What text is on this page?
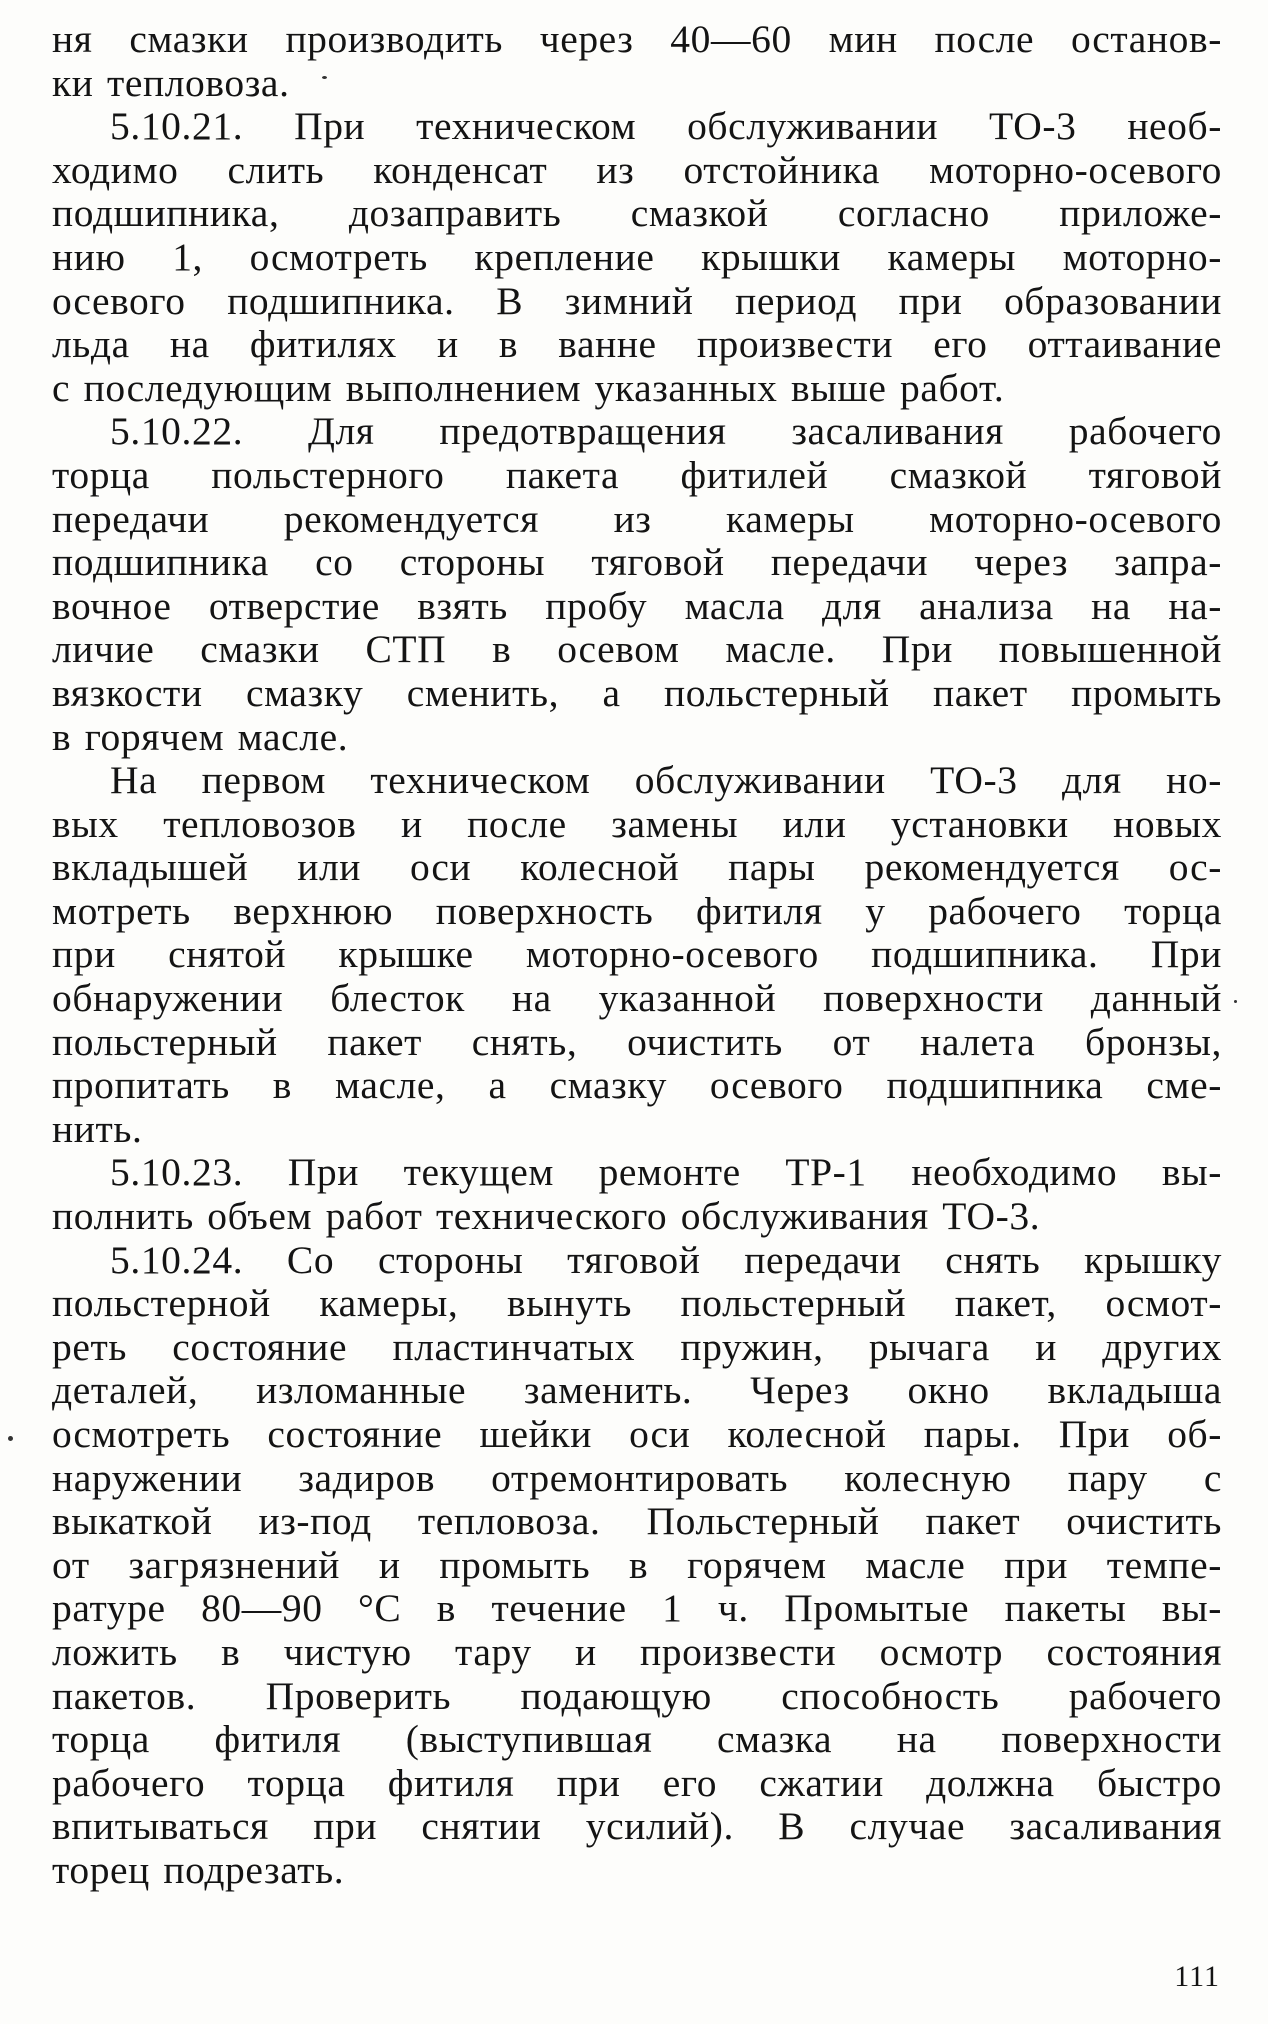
ня смазки производить через 40—60 мин после останов-
ки тепловоза.

5.10.21. При техническом обслуживании ТО-3 необ-
ходимо слить конденсат из отстойника моторно-осевого
подшипника, дозаправить смазкой согласно приложе-
нию 1, осмотреть крепление крышки камеры моторно-
осевого подшипника. В зимний период при образовании
льда на фитилях и в ванне произвести его оттаивание
с последующим выполнением указанных выше работ.

5.10.22. Для предотвращения засаливания рабочего
торца польстерного пакета фитилей смазкой тяговой
передачи рекомендуется из камеры моторно-осевого
подшипника со стороны тяговой передачи через запра-
вочное отверстие взять пробу масла для анализа на на-
личие смазки СТП в осевом масле. При повышенной
вязкости смазку сменить, а польстерный пакет промыть
в горячем масле.

На первом техническом обслуживании ТО-3 для но-
вых тепловозов и после замены или установки новых
вкладышей или оси колесной пары рекомендуется ос-
мотреть верхнюю поверхность фитиля у рабочего торца
при снятой крышке моторно-осевого подшипника. При
обнаружении блесток на указанной поверхности данный
польстерный пакет снять, очистить от налета бронзы,
пропитать в масле, а смазку осевого подшипника сме-
нить.

5.10.23. При текущем ремонте ТР-1 необходимо вы-
полнить объем работ технического обслуживания ТО-3.

5.10.24. Со стороны тяговой передачи снять крышку
польстерной камеры, вынуть польстерный пакет, осмот-
реть состояние пластинчатых пружин, рычага и других
деталей, изломанные заменить. Через окно вкладыша
осмотреть состояние шейки оси колесной пары. При об-
наружении задиров отремонтировать колесную пару с
выкаткой из-под тепловоза. Польстерный пакет очистить
от загрязнений и промыть в горячем масле при темпе-
ратуре 80—90 °С в течение 1 ч. Промытые пакеты вы-
ложить в чистую тару и произвести осмотр состояния
пакетов. Проверить подающую способность рабочего
торца фитиля (выступившая смазка на поверхности
рабочего торца фитиля при его сжатии должна быстро
впитываться при снятии усилий). В случае засаливания
торец подрезать.

111
